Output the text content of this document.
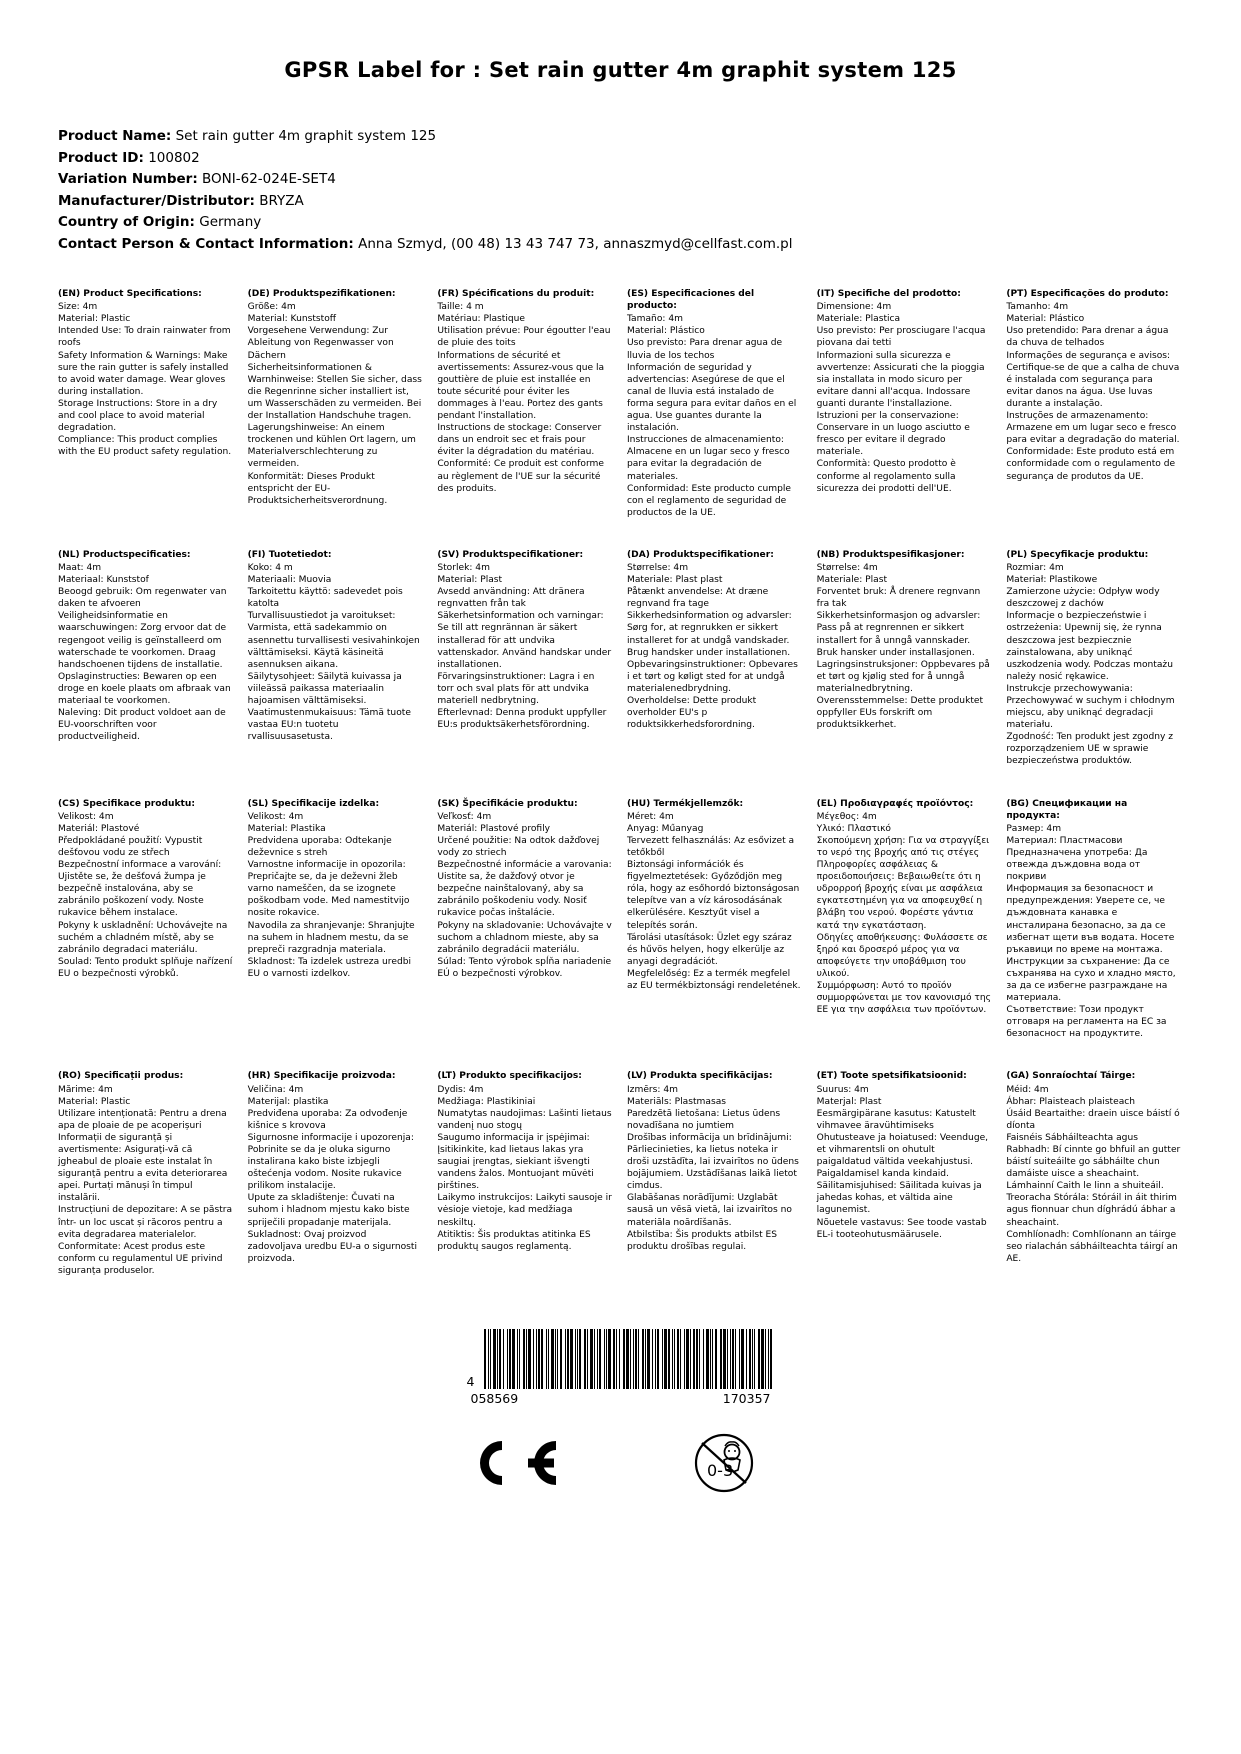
GPSR Label for : Set rain gutter 4m graphit system 125
Product Name: Set rain gutter 4m graphit system 125
Product ID: 100802
Variation Number: BONI-62-024E-SET4
Manufacturer/Distributor: BRYZA
Country of Origin: Germany
Contact Person & Contact Information: Anna Szmyd, (00 48) 13 43 747 73, annaszmyd@cellfast.com.pl
(EN) Product Specifications:
Size: 4m
Material: Plastic
Intended Use: To drain rainwater from roofs
Safety Information & Warnings: Make sure the rain gutter is safely installed to avoid water damage. Wear gloves during installation.
Storage Instructions: Store in a dry and cool place to avoid material degradation.
Compliance: This product complies with the EU product safety regulation.
(DE) Produktspezifikationen:
Größe: 4m
Material: Kunststoff
Vorgesehene Verwendung: Zur Ableitung von Regenwasser von Dächern
Sicherheitsinformationen & Warnhinweise: Stellen Sie sicher, dass die Regenrinne sicher installiert ist, um Wasserschäden zu vermeiden. Bei der Installation Handschuhe tragen.
Lagerungshinweise: An einem trockenen und kühlen Ort lagern, um Materialverschlechterung zu vermeiden.
Konformität: Dieses Produkt entspricht der EU-Produktsicherheitsverordnung.
(FR) Spécifications du produit:
Taille: 4 m
Matériau: Plastique
Utilisation prévue: Pour égoutter l'eau de pluie des toits
Informations de sécurité et avertissements: Assurez-vous que la gouttière de pluie est installée en toute sécurité pour éviter les dommages à l'eau. Portez des gants pendant l'installation.
Instructions de stockage: Conserver dans un endroit sec et frais pour éviter la dégradation du matériau.
Conformité: Ce produit est conforme au règlement de l'UE sur la sécurité des produits.
(ES) Especificaciones del producto:
Tamaño: 4m
Material: Plástico
Uso previsto: Para drenar agua de lluvia de los techos
Información de seguridad y advertencias: Asegúrese de que el canal de lluvia está instalado de forma segura para evitar daños en el agua. Use guantes durante la instalación.
Instrucciones de almacenamiento: Almacene en un lugar seco y fresco para evitar la degradación de materiales.
Conformidad: Este producto cumple con el reglamento de seguridad de productos de la UE.
(IT) Specifiche del prodotto:
Dimensione: 4m
Materiale: Plastica
Uso previsto: Per prosciugare l'acqua piovana dai tetti
Informazioni sulla sicurezza e avvertenze: Assicurati che la pioggia sia installata in modo sicuro per evitare danni all'acqua. Indossare guanti durante l'installazione.
Istruzioni per la conservazione: Conservare in un luogo asciutto e fresco per evitare il degrado materiale.
Conformità: Questo prodotto è conforme al regolamento sulla sicurezza dei prodotti dell'UE.
(PT) Especificações do produto:
Tamanho: 4m
Material: Plástico
Uso pretendido: Para drenar a água da chuva de telhados
Informações de segurança e avisos: Certifique-se de que a calha de chuva é instalada com segurança para evitar danos na água. Use luvas durante a instalação.
Instruções de armazenamento: Armazene em um lugar seco e fresco para evitar a degradação do material.
Conformidade: Este produto está em conformidade com o regulamento de segurança de produtos da UE.
(NL) Productspecificaties:
Maat: 4m
Materiaal: Kunststof
Beoogd gebruik: Om regenwater van daken te afvoeren
Veiligheidsinformatie en waarschuwingen: Zorg ervoor dat de regengoot veilig is geïnstalleerd om waterschade te voorkomen. Draag handschoenen tijdens de installatie.
Opslaginstructies: Bewaren op een droge en koele plaats om afbraak van materiaal te voorkomen.
Naleving: Dit product voldoet aan de EU-voorschriften voor productveiligheid.
(FI) Tuotetiedot:
Koko: 4 m
Materiaali: Muovia
Tarkoitettu käyttö: sadevedet pois katolta
Turvallisuustiedot ja varoitukset: Varmista, että sadekammio on asennettu turvallisesti vesivahinkojen välttämiseksi. Käytä käsineitä asennuksen aikana.
Säilytysohjeet: Säilytä kuivassa ja viileässä paikassa materiaalin hajoamisen välttämiseksi.
Vaatimustenmukaisuus: Tämä tuote vastaa EU:n tuotetu rvallisuusasetusta.
(SV) Produktspecifikationer:
Storlek: 4m
Material: Plast
Avsedd användning: Att dränera regnvatten från tak
Säkerhetsinformation och varningar: Se till att regnrännan är säkert installerad för att undvika vattenskador. Använd handskar under installationen.
Förvaringsinstruktioner: Lagra i en torr och sval plats för att undvika materiell nedbrytning.
Efterlevnad: Denna produkt uppfyller EU:s produktsäkerhetsförordning.
(DA) Produktspecifikationer:
Størrelse: 4m
Materiale: Plast plast
Påtænkt anvendelse: At dræne regnvand fra tage
Sikkerhedsinformation og advarsler: Sørg for, at regnrukken er sikkert installeret for at undgå vandskader. Brug handsker under installationen.
Opbevaringsinstruktioner: Opbevares i et tørt og køligt sted for at undgå materialenedbrydning.
Overholdelse: Dette produkt overholder EU's p roduktsikkerhedsforordning.
(NB) Produktspesifikasjoner:
Størrelse: 4m
Materiale: Plast
Forventet bruk: Å drenere regnvann fra tak
Sikkerhetsinformasjon og advarsler: Pass på at regnrennen er sikkert installert for å unngå vannskader. Bruk hansker under installasjonen.
Lagringsinstruksjoner: Oppbevares på et tørt og kjølig sted for å unngå materialnedbrytning.
Overensstemmelse: Dette produktet oppfyller EUs forskrift om produktsikkerhet.
(PL) Specyfikacje produktu:
Rozmiar: 4m
Materiał: Plastikowe
Zamierzone użycie: Odpływ wody deszczowej z dachów
Informacje o bezpieczeństwie i ostrzeżenia: Upewnij się, że rynna deszczowa jest bezpiecznie zainstalowana, aby uniknąć uszkodzenia wody. Podczas montażu należy nosić rękawice.
Instrukcje przechowywania: Przechowywać w suchym i chłodnym miejscu, aby uniknąć degradacji materiału.
Zgodność: Ten produkt jest zgodny z rozporządzeniem UE w sprawie bezpieczeństwa produktów.
(CS) Specifikace produktu:
Velikost: 4m
Materiál: Plastové
Předpokládané použití: Vypustit dešťovou vodu ze střech
Bezpečnostní informace a varování: Ujistěte se, že dešťová žumpa je bezpečně instalována, aby se zabránilo poškození vody. Noste rukavice během instalace.
Pokyny k uskladnění: Uchovávejte na suchém a chladném místě, aby se zabránilo degradaci materiálu.
Soulad: Tento produkt splňuje nařízení EU o bezpečnosti výrobků.
(SL) Specifikacije izdelka:
Velikost: 4m
Material: Plastika
Predvidena uporaba: Odtekanje deževnice s streh
Varnostne informacije in opozorila: Prepričajte se, da je deževni žleb varno nameščen, da se izognete poškodbam vode. Med namestitvijo nosite rokavice.
Navodila za shranjevanje: Shranjujte na suhem in hladnem mestu, da se prepreči razgradnja materiala.
Skladnost: Ta izdelek ustreza uredbi EU o varnosti izdelkov.
(SK) Špecifikácie produktu:
Veľkosť: 4m
Materiál: Plastové profily
Určené použitie: Na odtok dažďovej vody zo striech
Bezpečnostné informácie a varovania: Uistite sa, že dažďový otvor je bezpečne nainštalovaný, aby sa zabránilo poškodeniu vody. Nosiť rukavice počas inštalácie.
Pokyny na skladovanie: Uchovávajte v suchom a chladnom mieste, aby sa zabránilo degradácii materiálu.
Súlad: Tento výrobok spĺňa nariadenie EÚ o bezpečnosti výrobkov.
(HU) Termékjellemzők:
Méret: 4m
Anyag: Műanyag
Tervezett felhasználás: Az esővizet a tetőkből
Biztonsági információk és figyelmeztetések: Győződjön meg róla, hogy az esőhordó biztonságosan telepítve van a víz károsodásának elkerülésére. Kesztyűt visel a telepítés során.
Tárolási utasítások: Üzlet egy száraz és hűvös helyen, hogy elkerülje az anyagi degradációt.
Megfelelőség: Ez a termék megfelel az EU termékbiztonsági rendeletének.
(EL) Προδιαγραφές προϊόντος:
Μέγεθος: 4m
Υλικό: Πλαστικό
Σκοπούμενη χρήση: Για να στραγγίξει το νερό της βροχής από τις στέγες
Πληροφορίες ασφάλειας & προειδοποιήσεις: Βεβαιωθείτε ότι η υδρορροή βροχής είναι με ασφάλεια εγκατεστημένη για να αποφευχθεί η βλάβη του νερού. Φορέστε γάντια κατά την εγκατάσταση.
Οδηγίες αποθήκευσης: Φυλάσσετε σε ξηρό και δροσερό μέρος για να αποφεύγετε την υποβάθμιση του υλικού.
Συμμόρφωση: Αυτό το προϊόν συμμορφώνεται με τον κανονισμό της ΕΕ για την ασφάλεια των προϊόντων.
(BG) Спецификации на продукта:
Размер: 4m
Материал: Пластмасови
Предназначена употреба: Да отвежда дъждовна вода от покриви
Информация за безопасност и предупреждения: Уверете се, че дъждовната канавка е инсталирана безопасно, за да се избегнат щети във водата. Носете ръкавици по време на монтажа.
Инструкции за съхранение: Да се съхранява на сухо и хладно място, за да се избегне разграждане на материала.
Съответствие: Този продукт отговаря на регламента на ЕС за безопасност на продуктите.
(RO) Specificații produs:
Mărime: 4m
Material: Plastic
Utilizare intenționată: Pentru a drena apa de ploaie de pe acoperișuri
Informații de siguranță și avertismente: Asigurați-vă că jgheabul de ploaie este instalat în siguranță pentru a evita deteriorarea apei. Purtați mănuși în timpul instalării.
Instrucțiuni de depozitare: A se păstra într- un loc uscat și răcoros pentru a evita degradarea materialelor.
Conformitate: Acest produs este conform cu regulamentul UE privind siguranța produselor.
(HR) Specifikacije proizvoda:
Veličina: 4m
Materijal: plastika
Predviđena uporaba: Za odvođenje kišnice s krovova
Sigurnosne informacije i upozorenja: Pobrinite se da je oluka sigurno instalirana kako biste izbjegli oštećenja vodom. Nosite rukavice prilikom instalacije.
Upute za skladištenje: Čuvati na suhom i hladnom mjestu kako biste spriječili propadanje materijala.
Sukladnost: Ovaj proizvod zadovoljava uredbu EU-a o sigurnosti proizvoda.
(LT) Produkto specifikacijos:
Dydis: 4m
Medžiaga: Plastikiniai
Numatytas naudojimas: Lašinti lietaus vandenį nuo stogų
Saugumo informacija ir įspėjimai: Įsitikinkite, kad lietaus lakas yra saugiai įrengtas, siekiant išvengti vandens žalos. Montuojant mūvėti pirštines.
Laikymo instrukcijos: Laikyti sausoje ir vėsioje vietoje, kad medžiaga neskiltų.
Atitiktis: Šis produktas atitinka ES produktų saugos reglamentą.
(LV) Produkta specifikācijas:
Izmērs: 4m
Materiāls: Plastmasas
Paredzētā lietošana: Lietus ūdens novadīšana no jumtiem
Drošības informācija un brīdinājumi: Pārliecinieties, ka lietus noteka ir droši uzstādīta, lai izvairītos no ūdens bojājumiem. Uzstādīšanas laikā lietot cimdus.
Glabāšanas norādījumi: Uzglabāt sausā un vēsā vietā, lai izvairītos no materiāla noārdīšanās.
Atbilstība: Šis produkts atbilst ES produktu drošības regulai.
(ET) Toote spetsifikatsioonid:
Suurus: 4m
Materjal: Plast
Eesmärgipärane kasutus: Katustelt vihmavee äravühtimiseks
Ohutusteave ja hoiatused: Veenduge, et vihmarentsli on ohutult paigaldatud vältida veekahjustusi. Paigaldamisel kanda kindaid.
Säilitamisjuhised: Säilitada kuivas ja jahedas kohas, et vältida aine lagunemist.
Nõuetele vastavus: See toode vastab EL-i tooteohutusmäärusele.
(GA) Sonraíochtaí Táirge:
Méid: 4m
Ábhar: Plaisteach plaisteach
Úsáid Beartaithe: draein uisce báistí ó díonta
Faisnéis Sábháilteachta agus Rabhadh: Bí cinnte go bhfuil an gutter báistí suiteáilte go sábháilte chun damáiste uisce a sheachaint. Lámhainní Caith le linn a shuiteáil.
Treoracha Stórála: Stóráil in áit thirim agus fionnuar chun díghrádú ábhar a sheachaint.
Comhlíonadh: Comhlíonann an táirge seo rialachán sábháilteachta táirgí an AE.
4
058569	170357
0-3
